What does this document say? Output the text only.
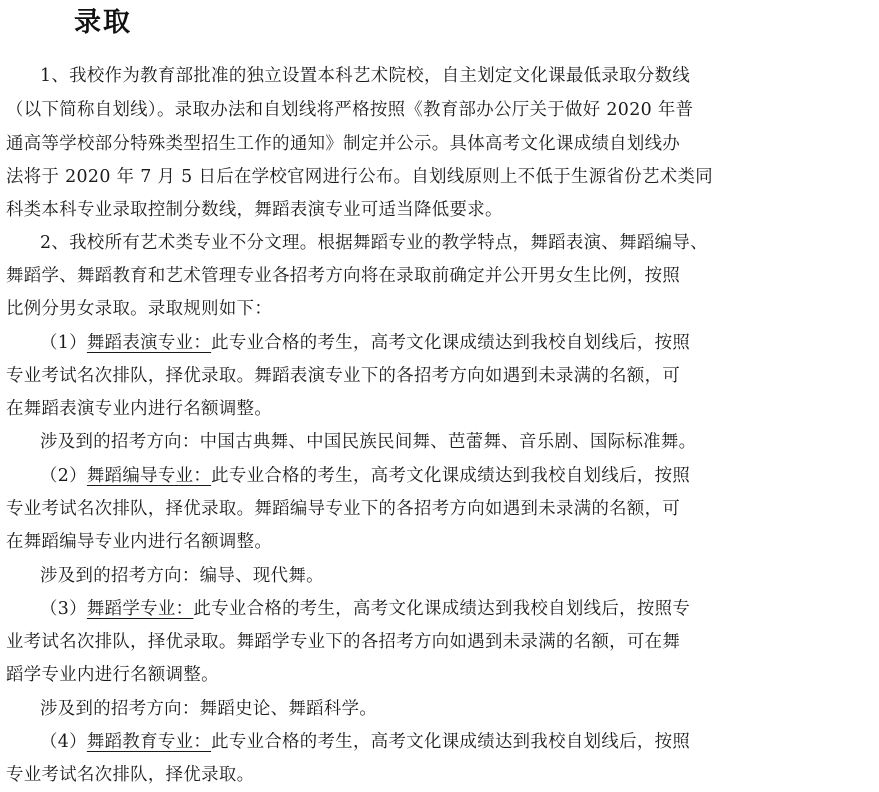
录取
1、我校作为教育部批准的独立设置本科艺术院校，自主划定文化课最低录取分数线
（以下简称自划线）。录取办法和自划线将严格按照《教育部办公厅关于做好 2020 年普
通高等学校部分特殊类型招生工作的通知》制定并公示。具体高考文化课成绩自划线办
法将于 2020 年 7 月 5 日后在学校官网进行公布。自划线原则上不低于生源省份艺术类同
科类本科专业录取控制分数线，舞蹈表演专业可适当降低要求。
2、我校所有艺术类专业不分文理。根据舞蹈专业的教学特点，舞蹈表演、舞蹈编导、
舞蹈学、舞蹈教育和艺术管理专业各招考方向将在录取前确定并公开男女生比例，按照
比例分男女录取。录取规则如下：
（1）舞蹈表演专业：此专业合格的考生，高考文化课成绩达到我校自划线后，按照
专业考试名次排队，择优录取。舞蹈表演专业下的各招考方向如遇到未录满的名额，可
在舞蹈表演专业内进行名额调整。
涉及到的招考方向：中国古典舞、中国民族民间舞、芭蕾舞、音乐剧、国际标准舞。
（2）舞蹈编导专业：此专业合格的考生，高考文化课成绩达到我校自划线后，按照
专业考试名次排队，择优录取。舞蹈编导专业下的各招考方向如遇到未录满的名额，可
在舞蹈编导专业内进行名额调整。
涉及到的招考方向：编导、现代舞。
（3）舞蹈学专业：此专业合格的考生，高考文化课成绩达到我校自划线后，按照专
业考试名次排队，择优录取。舞蹈学专业下的各招考方向如遇到未录满的名额，可在舞
蹈学专业内进行名额调整。
涉及到的招考方向：舞蹈史论、舞蹈科学。
（4）舞蹈教育专业：此专业合格的考生，高考文化课成绩达到我校自划线后，按照
专业考试名次排队，择优录取。
